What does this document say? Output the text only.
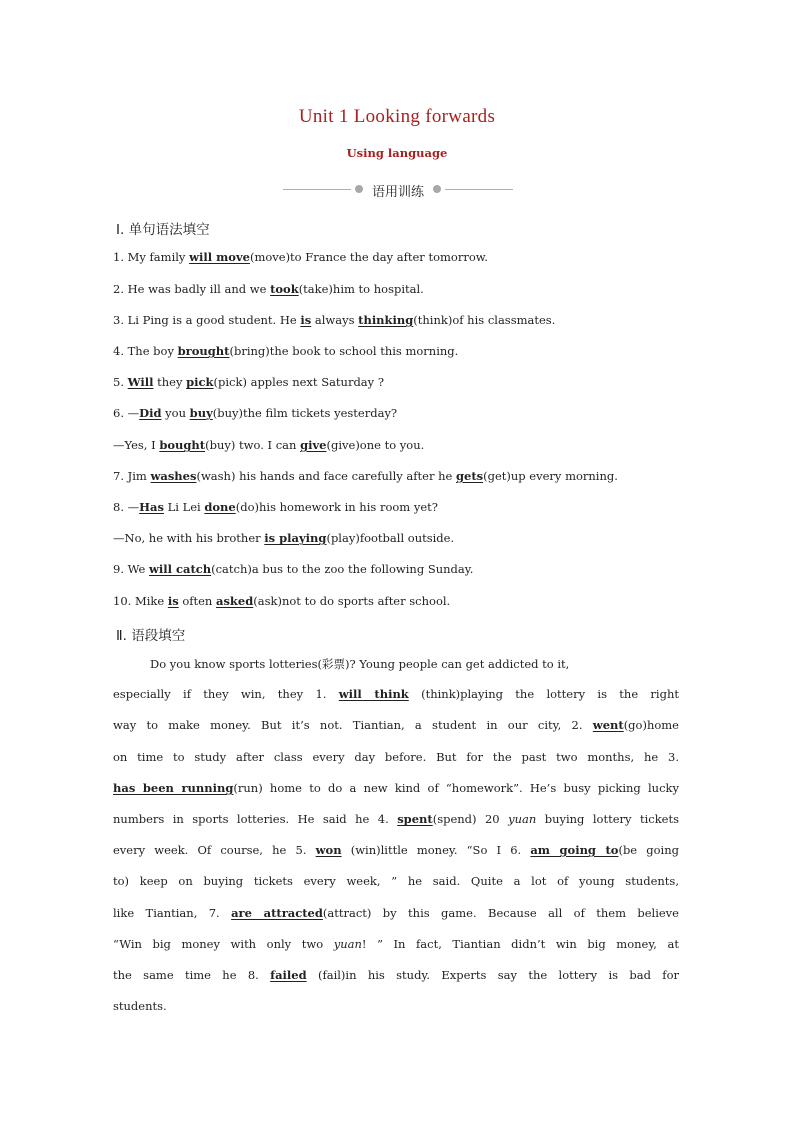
Unit 1 Looking forwards
Using language
语用训练
Ⅰ. 单句语法填空
1. My family will move(move)to France the day after tomorrow.
2. He was badly ill and we took(take)him to hospital.
3. Li Ping is a good student. He is always thinking(think)of his classmates.
4. The boy brought(bring)the book to school this morning.
5. Will they pick(pick) apples next Saturday ?
6. —Did you buy(buy)the film tickets yesterday?
—Yes, I bought(buy) two. I can give(give)one to you.
7. Jim washes(wash) his hands and face carefully after he gets(get)up every morning.
8. —Has Li Lei done(do)his homework in his room yet?
—No, he with his brother is playing(play)football outside.
9. We will catch(catch)a bus to the zoo the following Sunday.
10. Mike is often asked(ask)not to do sports after school.
Ⅱ. 语段填空
Do you know sports lotteries(彩票)? Young people can get addicted to it,
especially if they win, they 1. will think (think)playing the lottery is the right
way to make money. But it’s not. Tiantian, a student in our city, 2. went(go)home
on time to study after class every day before. But for the past two months, he 3.
has been running(run) home to do a new kind of “homework”. He’s busy picking lucky
numbers in sports lotteries. He said he 4. spent(spend) 20 yuan buying lottery tickets
every week. Of course, he 5. won (win)little money. “So I 6. am going to(be going
to) keep on buying tickets every week, ” he said. Quite a lot of young students,
like Tiantian, 7. are attracted(attract) by this game. Because all of them believe
“Win big money with only two yuan! ” In fact, Tiantian didn’t win big money, at
the same time he 8. failed (fail)in his study. Experts say the lottery is bad for
students.
